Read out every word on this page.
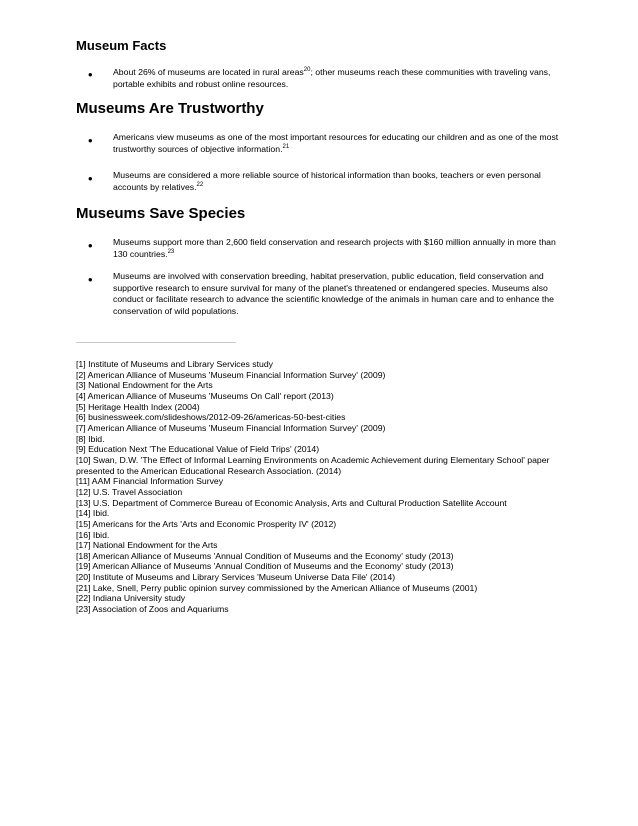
Museum Facts
• About 26% of museums are located in rural areas$^{20}$; other museums reach these communities with traveling vans, portable exhibits and robust online resources.
Museums Are Trustworthy
• Americans view museums as one of the most important resources for educating our children and as one of the most trustworthy sources of objective information.$^{21}$
• Museums are considered a more reliable source of historical information than books, teachers or even personal accounts by relatives.$^{22}$
Museums Save Species
• Museums support more than 2,600 field conservation and research projects with $160 million annually in more than 130 countries.$^{23}$
• Museums are involved with conservation breeding, habitat preservation, public education, field conservation and supportive research to ensure survival for many of the planet's threatened or endangered species. Museums also conduct or facilitate research to advance the scientific knowledge of the animals in human care and to enhance the conservation of wild populations.
[1] Institute of Museums and Library Services study
[2] American Alliance of Museums 'Museum Financial Information Survey' (2009)
[3] National Endowment for the Arts
[4] American Alliance of Museums 'Museums On Call' report (2013)
[5] Heritage Health Index (2004)
[6] businessweek.com/slideshows/2012-09-26/americas-50-best-cities
[7] American Alliance of Museums 'Museum Financial Information Survey' (2009)
[8] Ibid.
[9] Education Next 'The Educational Value of Field Trips' (2014)
[10] Swan, D.W. 'The Effect of Informal Learning Environments on Academic Achievement during Elementary School' paper presented to the American Educational Research Association. (2014)
[11] AAM Financial Information Survey
[12] U.S. Travel Association
[13] U.S. Department of Commerce Bureau of Economic Analysis, Arts and Cultural Production Satellite Account
[14] Ibid.
[15] Americans for the Arts 'Arts and Economic Prosperity IV' (2012)
[16] Ibid.
[17] National Endowment for the Arts
[18] American Alliance of Museums 'Annual Condition of Museums and the Economy' study (2013)
[19] American Alliance of Museums 'Annual Condition of Museums and the Economy' study (2013)
[20] Institute of Museums and Library Services 'Museum Universe Data File' (2014)
[21] Lake, Snell, Perry public opinion survey commissioned by the American Alliance of Museums (2001)
[22] Indiana University study
[23] Association of Zoos and Aquariums
